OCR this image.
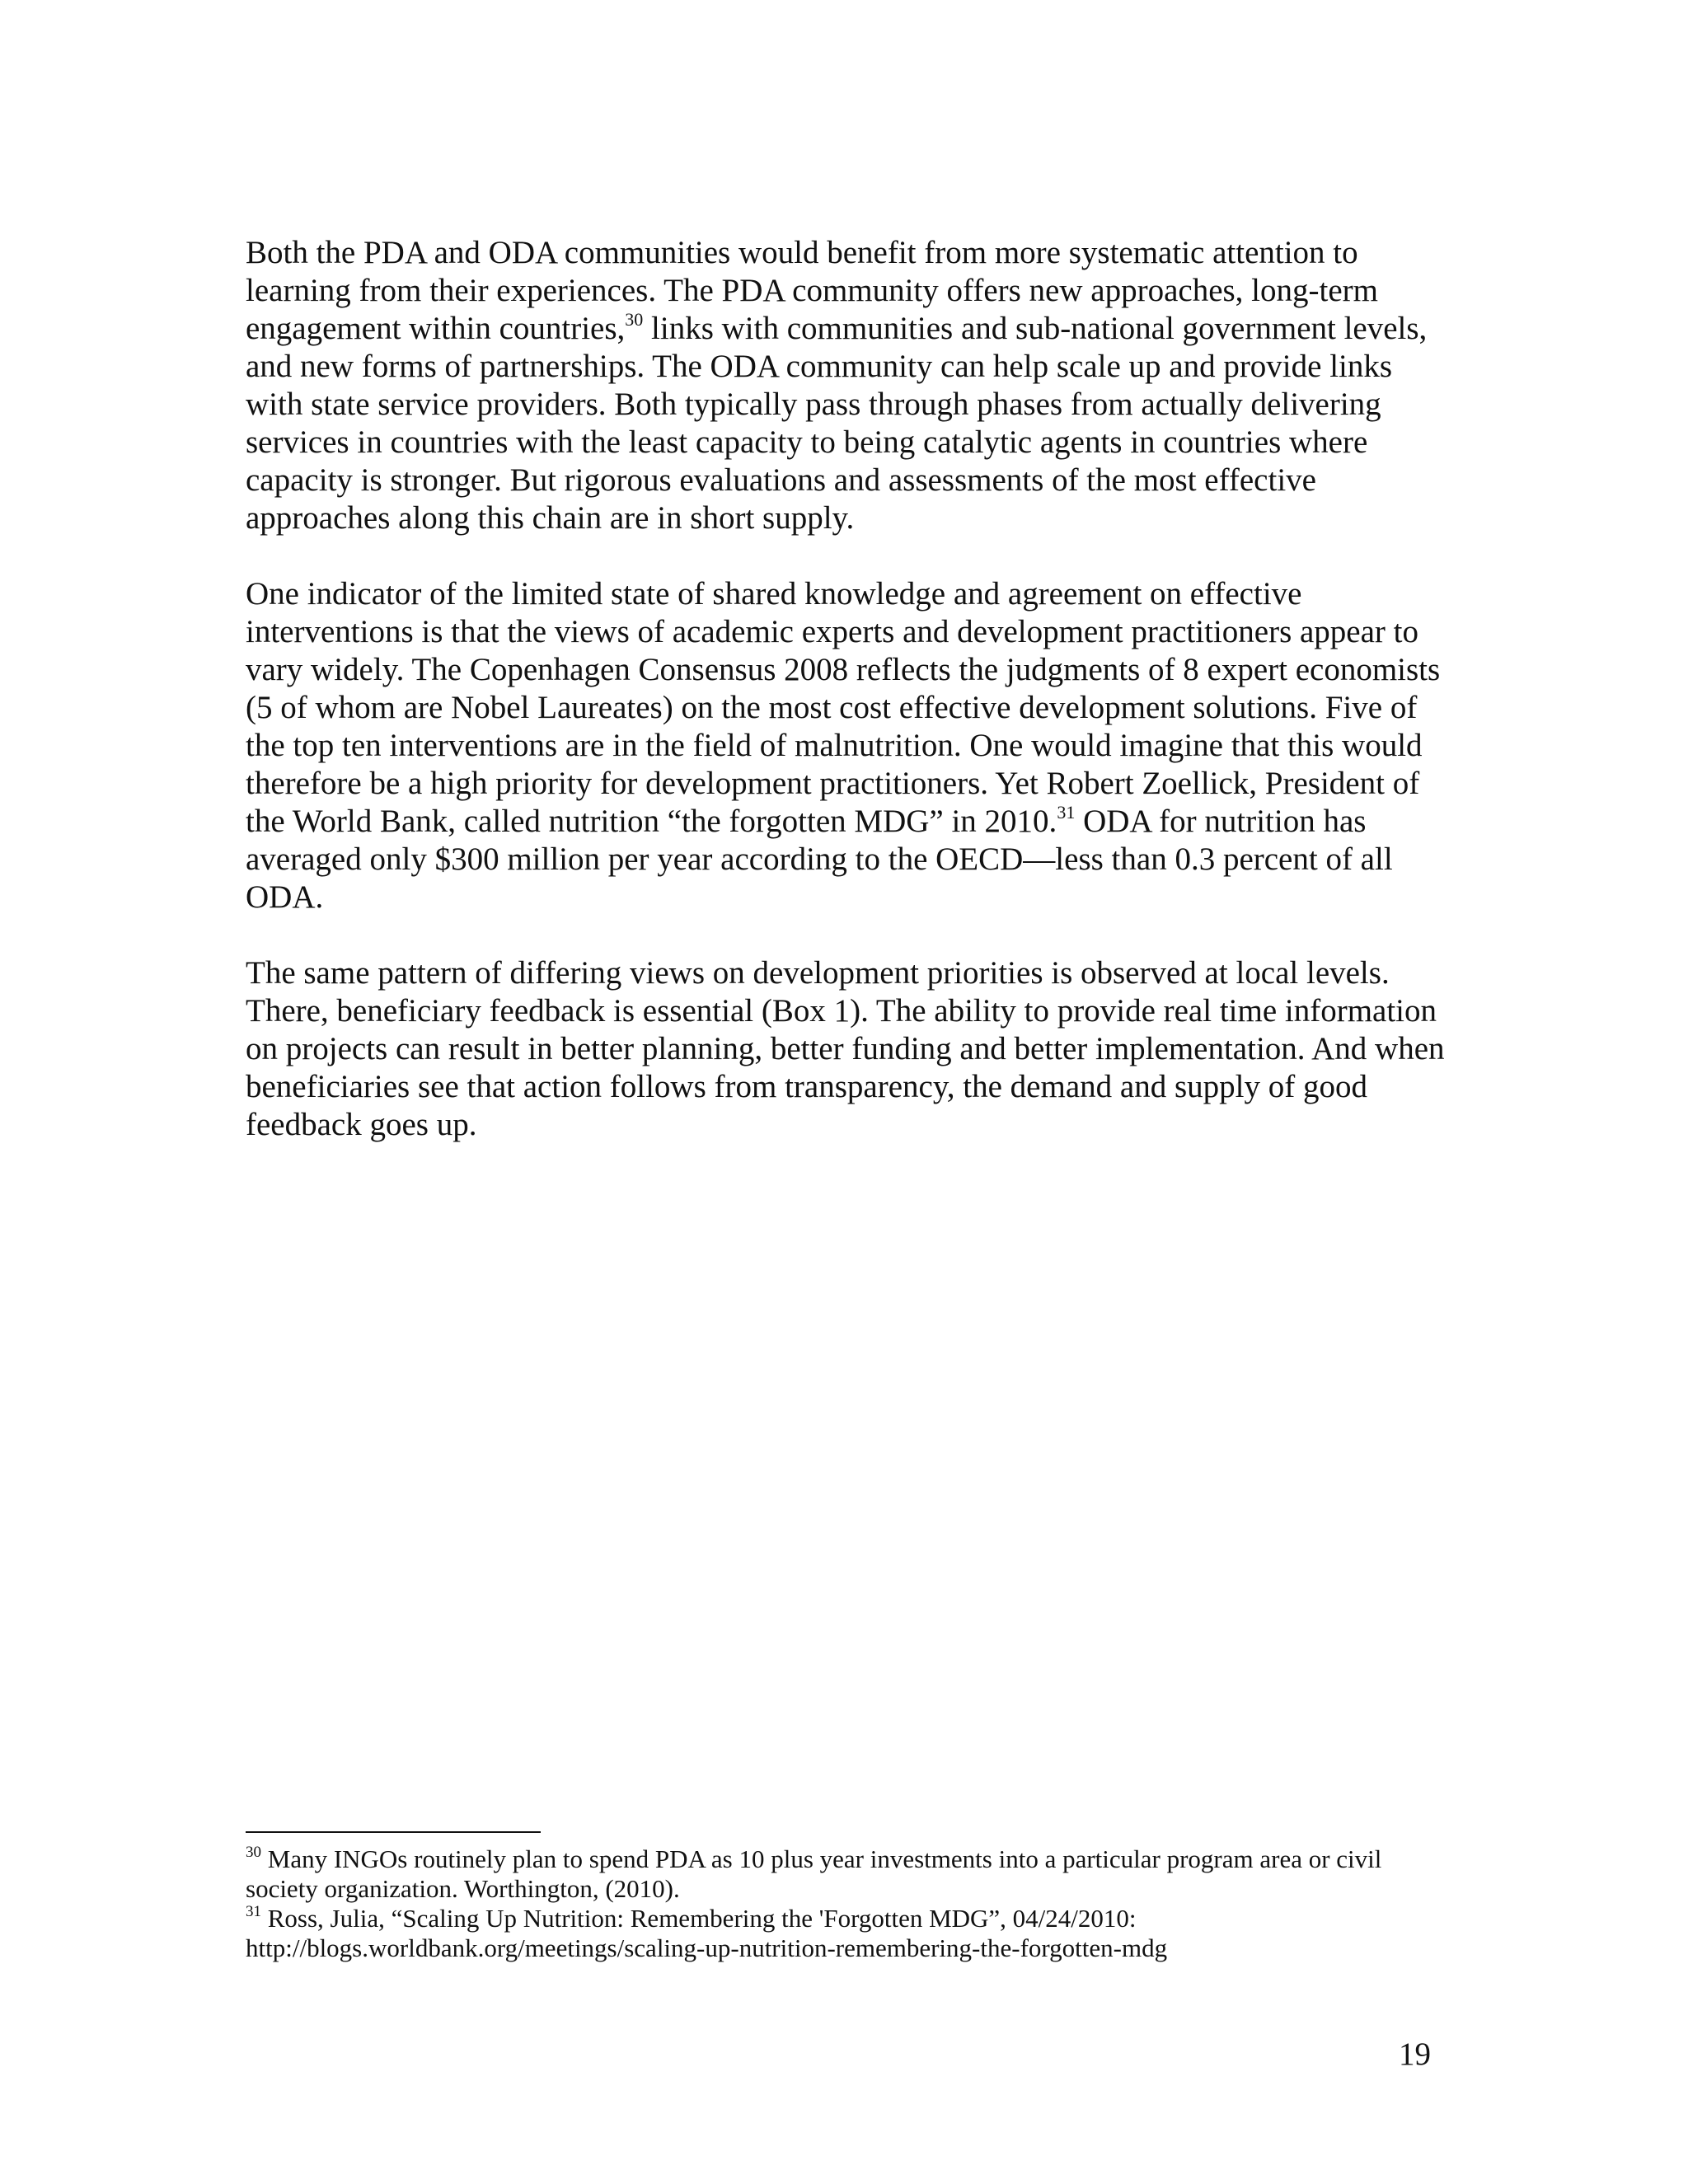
Both the PDA and ODA communities would benefit from more systematic attention to learning from their experiences. The PDA community offers new approaches, long-term engagement within countries,$^{30}$ links with communities and sub-national government levels, and new forms of partnerships. The ODA community can help scale up and provide links with state service providers. Both typically pass through phases from actually delivering services in countries with the least capacity to being catalytic agents in countries where capacity is stronger. But rigorous evaluations and assessments of the most effective approaches along this chain are in short supply.

One indicator of the limited state of shared knowledge and agreement on effective interventions is that the views of academic experts and development practitioners appear to vary widely. The Copenhagen Consensus 2008 reflects the judgments of 8 expert economists (5 of whom are Nobel Laureates) on the most cost effective development solutions. Five of the top ten interventions are in the field of malnutrition. One would imagine that this would therefore be a high priority for development practitioners. Yet Robert Zoellick, President of the World Bank, called nutrition “the forgotten MDG” in 2010.31 ODA for nutrition has averaged only $300 million per year according to the OECD—less than 0.3 percent of all ODA.

The same pattern of differing views on development priorities is observed at local levels. There, beneficiary feedback is essential (Box 1). The ability to provide real time information on projects can result in better planning, better funding and better implementation. And when beneficiaries see that action follows from transparency, the demand and supply of good feedback goes up.

$^{30}$ Many INGOs routinely plan to spend PDA as 10 plus year investments into a particular program area or civil society organization. Worthington, (2010).

$^{31}$ Ross, Julia, “Scaling Up Nutrition: Remembering the 'Forgotten MDG”, 04/24/2010: http://blogs.worldbank.org/meetings/scaling-up-nutrition-remembering-the-forgotten-mdg

19
